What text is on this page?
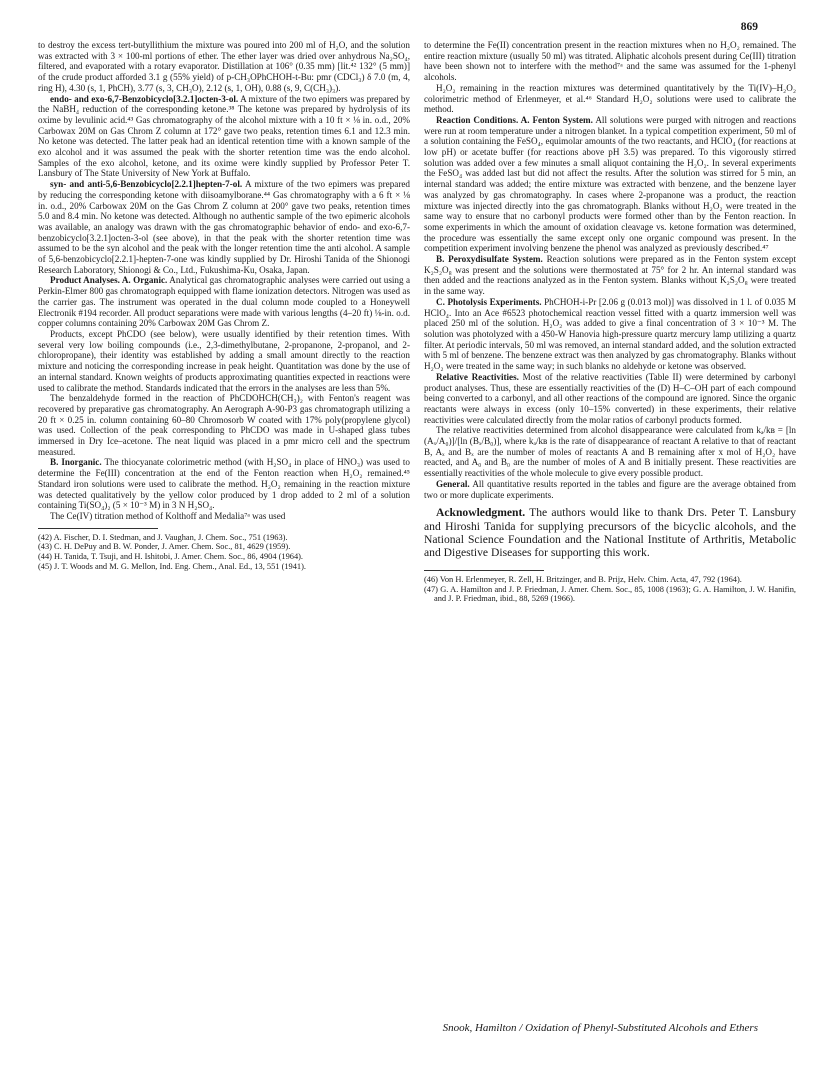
869

to destroy the excess tert-butyllithium the mixture was poured into 200 ml of H₂O, and the solution was extracted with 3 × 100-ml portions of ether. The ether layer was dried over anhydrous Na₂SO₄, filtered, and evaporated with a rotary evaporator. Distillation at 106° (0.35 mm) [lit.⁴² 132° (5 mm)] of the crude product afforded 3.1 g (55% yield) of p-CH₃OPhCHOH-t-Bu: pmr (CDCl₃) δ 7.0 (m, 4, ring H), 4.30 (s, 1, PhCH), 3.77 (s, 3, CH₃O), 2.12 (s, 1, OH), 0.88 (s, 9, C(CH₃)₃).

endo- and exo-6,7-Benzobicyclo[3.2.1]octen-3-ol. A mixture of the two epimers was prepared by the NaBH₄ reduction of the corresponding ketone.³⁸ The ketone was prepared by hydrolysis of its oxime by levulinic acid.⁴³ Gas chromatography of the alcohol mixture with a 10 ft × ⅛ in. o.d., 20% Carbowax 20M on Gas Chrom Z column at 172° gave two peaks, retention times 6.1 and 12.3 min. No ketone was detected. The latter peak had an identical retention time with a known sample of the exo alcohol and it was assumed the peak with the shorter retention time was the endo alcohol. Samples of the exo alcohol, ketone, and its oxime were kindly supplied by Professor Peter T. Lansbury of The State University of New York at Buffalo.

syn- and anti-5,6-Benzobicyclo[2.2.1]hepten-7-ol. A mixture of the two epimers was prepared by reducing the corresponding ketone with diisoamylborane.⁴⁴ Gas chromatography with a 6 ft × ⅛ in. o.d., 20% Carbowax 20M on the Gas Chrom Z column at 200° gave two peaks, retention times 5.0 and 8.4 min. No ketone was detected. Although no authentic sample of the two epimeric alcohols was available, an analogy was drawn with the gas chromatographic behavior of endo- and exo-6,7-benzobicyclo[3.2.1]octen-3-ol (see above), in that the peak with the shorter retention time was assumed to be the syn alcohol and the peak with the longer retention time the anti alcohol. A sample of 5,6-benzobicyclo[2.2.1]-hepten-7-one was kindly supplied by Dr. Hiroshi Tanida of the Shionogi Research Laboratory, Shionogi & Co., Ltd., Fukushima-Ku, Osaka, Japan.

Product Analyses. A. Organic. Analytical gas chromatographic analyses were carried out using a Perkin-Elmer 800 gas chromatograph equipped with flame ionization detectors. Nitrogen was used as the carrier gas. The instrument was operated in the dual column mode coupled to a Honeywell Electronik #194 recorder. All product separations were made with various lengths (4–20 ft) ⅛-in. o.d. copper columns containing 20% Carbowax 20M Gas Chrom Z.

Products, except PhCDO (see below), were usually identified by their retention times. With several very low boiling compounds (i.e., 2,3-dimethylbutane, 2-propanone, 2-propanol, and 2-chloropropane), their identity was established by adding a small amount directly to the reaction mixture and noticing the corresponding increase in peak height. Quantitation was done by the use of an internal standard. Known weights of products approximating quantities expected in reactions were used to calibrate the method. Standards indicated that the errors in the analyses are less than 5%.

The benzaldehyde formed in the reaction of PhCDOHCH(CH₃)₂ with Fenton's reagent was recovered by preparative gas chromatography. An Aerograph A-90-P3 gas chromatograph utilizing a 20 ft × 0.25 in. column containing 60–80 Chromosorb W coated with 17% poly(propylene glycol) was used. Collection of the peak corresponding to PhCDO was made in U-shaped glass tubes immersed in Dry Ice–acetone. The neat liquid was placed in a pmr micro cell and the spectrum measured.

B. Inorganic. The thiocyanate colorimetric method (with H₂SO₄ in place of HNO₃) was used to determine the Fe(III) concentration at the end of the Fenton reaction when H₂O₂ remained.⁴⁵ Standard iron solutions were used to calibrate the method. H₂O₂ remaining in the reaction mixture was detected qualitatively by the yellow color produced by 1 drop added to 2 ml of a solution containing Ti(SO₄)₂ (5 × 10⁻³ M) in 3 N H₂SO₄.

The Ce(IV) titration method of Kolthoff and Medalia⁷ᵃ was used

(42) A. Fischer, D. I. Stedman, and J. Vaughan, J. Chem. Soc., 751 (1963).

(43) C. H. DePuy and B. W. Ponder, J. Amer. Chem. Soc., 81, 4629 (1959).

(44) H. Tanida, T. Tsuji, and H. Ishitobi, J. Amer. Chem. Soc., 86, 4904 (1964).

(45) J. T. Woods and M. G. Mellon, Ind. Eng. Chem., Anal. Ed., 13, 551 (1941).

to determine the Fe(II) concentration present in the reaction mixtures when no H₂O₂ remained. The entire reaction mixture (usually 50 ml) was titrated. Aliphatic alcohols present during Ce(III) titration have been shown not to interfere with the method⁷ᵃ and the same was assumed for the 1-phenyl alcohols.

H₂O₂ remaining in the reaction mixtures was determined quantitatively by the Ti(IV)–H₂O₂ colorimetric method of Erlenmeyer, et al.⁴⁶ Standard H₂O₂ solutions were used to calibrate the method.

Reaction Conditions. A. Fenton System. All solutions were purged with nitrogen and reactions were run at room temperature under a nitrogen blanket. In a typical competition experiment, 50 ml of a solution containing the FeSO₄, equimolar amounts of the two reactants, and HClO₄ (for reactions at low pH) or acetate buffer (for reactions above pH 3.5) was prepared. To this vigorously stirred solution was added over a few minutes a small aliquot containing the H₂O₂. In several experiments the FeSO₄ was added last but did not affect the results. After the solution was stirred for 5 min, an internal standard was added; the entire mixture was extracted with benzene, and the benzene layer was analyzed by gas chromatography. In cases where 2-propanone was a product, the reaction mixture was injected directly into the gas chromatograph. Blanks without H₂O₂ were treated in the same way to ensure that no carbonyl products were formed other than by the Fenton reaction. In some experiments in which the amount of oxidation cleavage vs. ketone formation was determined, the procedure was essentially the same except only one organic compound was present. In the competition experiment involving benzene the phenol was analyzed as previously described.⁴⁷

B. Peroxydisulfate System. Reaction solutions were prepared as in the Fenton system except K₂S₂O₈ was present and the solutions were thermostated at 75° for 2 hr. An internal standard was then added and the reactions analyzed as in the Fenton system. Blanks without K₂S₂O₈ were treated in the same way.

C. Photolysis Experiments. PhCHOH-i-Pr [2.06 g (0.013 mol)] was dissolved in 1 l. of 0.035 M HClO₄. Into an Ace #6523 photochemical reaction vessel fitted with a quartz immersion well was placed 250 ml of the solution. H₂O₂ was added to give a final concentration of 3 × 10⁻³ M. The solution was photolyzed with a 450-W Hanovia high-pressure quartz mercury lamp utilizing a quartz filter. At periodic intervals, 50 ml was removed, an internal standard added, and the solution extracted with 5 ml of benzene. The benzene extract was then analyzed by gas chromatography. Blanks without H₂O₂ were treated in the same way; in such blanks no aldehyde or ketone was observed.

Relative Reactivities. Most of the relative reactivities (Table II) were determined by carbonyl product analyses. Thus, these are essentially reactivities of the (D) H–C–OH part of each compound being converted to a carbonyl, and all other reactions of the compound are ignored. Since the organic reactants were always in excess (only 10–15% converted) in these experiments, their relative reactivities were calculated directly from the molar ratios of carbonyl products formed.

The relative reactivities determined from alcohol disappearance were calculated from kₐ/kʙ = [ln (Aₓ/A₀)]/[ln (Bₓ/B₀)], where kₐ/kʙ is the rate of disappearance of reactant A relative to that of reactant B, Aₓ and Bₓ are the number of moles of reactants A and B remaining after x mol of H₂O₂ have reacted, and A₀ and B₀ are the number of moles of A and B initially present. These reactivities are essentially reactivities of the whole molecule to give every possible product.

General. All quantitative results reported in the tables and figure are the average obtained from two or more duplicate experiments.

Acknowledgment. The authors would like to thank Drs. Peter T. Lansbury and Hiroshi Tanida for supplying precursors of the bicyclic alcohols, and the National Science Foundation and the National Institute of Arthritis, Metabolic and Digestive Diseases for supporting this work.

(46) Von H. Erlenmeyer, R. Zell, H. Britzinger, and B. Prijz, Helv. Chim. Acta, 47, 792 (1964).

(47) G. A. Hamilton and J. P. Friedman, J. Amer. Chem. Soc., 85, 1008 (1963); G. A. Hamilton, J. W. Hanifin, and J. P. Friedman, ibid., 88, 5269 (1966).

Snook, Hamilton / Oxidation of Phenyl-Substituted Alcohols and Ethers
